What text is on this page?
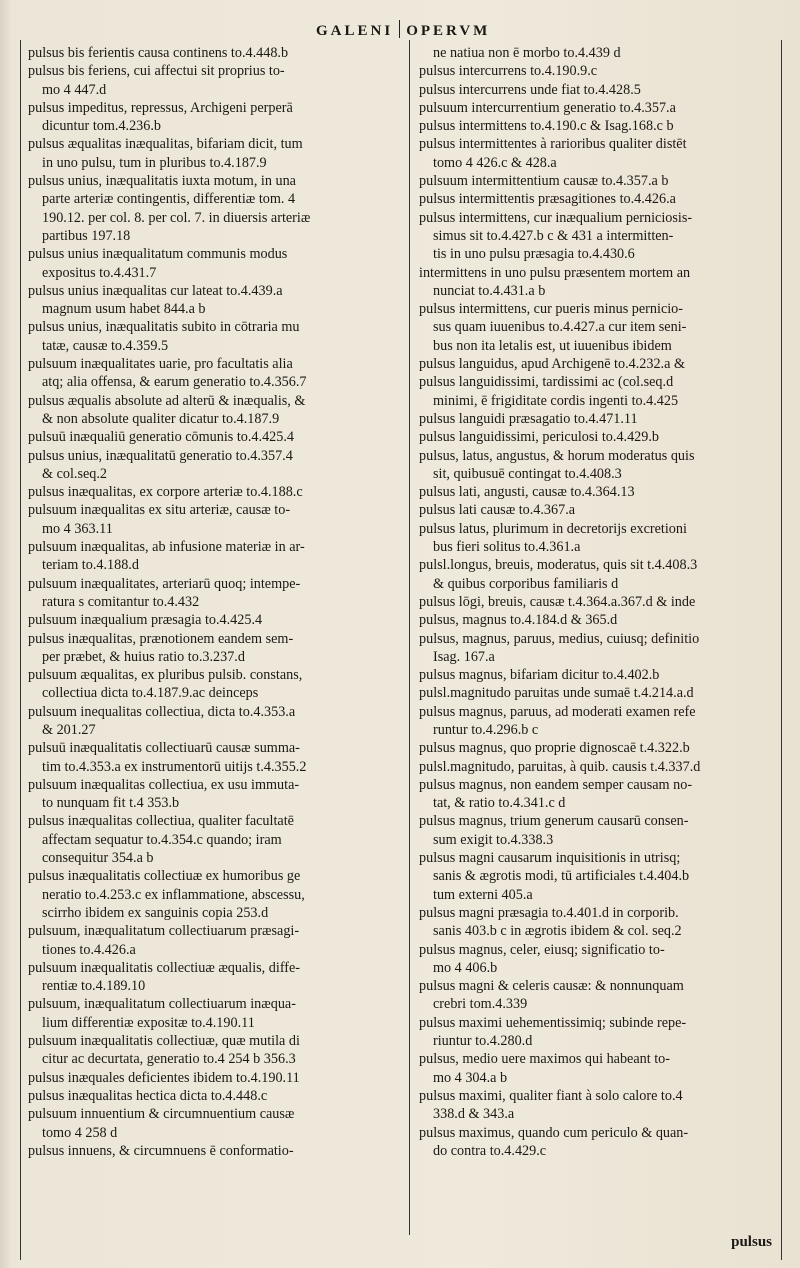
GALENI OPERVM

pulsus bis ferientis causa continens to.4.448.b

pulsus bis feriens, cui affectui sit proprius to-

mo 4 447.d

pulsus impeditus, repressus, Archigeni perperā

dicuntur tom.4.236.b

pulsus æqualitas inæqualitas, bifariam dicit, tum

in uno pulsu, tum in pluribus to.4.187.9

pulsus unius, inæqualitatis iuxta motum, in una

parte arteriæ contingentis, differentiæ tom. 4

190.12. per col. 8. per col. 7. in diuersis arteriæ

partibus 197.18

pulsus unius inæqualitatum communis modus

expositus to.4.431.7

pulsus unius inæqualitas cur lateat to.4.439.a

magnum usum habet 844.a b

pulsus unius, inæqualitatis subito in cōtraria mu

tatæ, causæ to.4.359.5

pulsuum inæqualitates uarie, pro facultatis alia

atq; alia offensa, & earum generatio to.4.356.7

pulsus æqualis absolute ad alterū & inæqualis, &

& non absolute qualiter dicatur to.4.187.9

pulsuū inæqualiū generatio cōmunis to.4.425.4

pulsus unius, inæqualitatū generatio to.4.357.4

& col.seq.2

pulsus inæqualitas, ex corpore arteriæ to.4.188.c

pulsuum inæqualitas ex situ arteriæ, causæ to-

mo 4 363.11

pulsuum inæqualitas, ab infusione materiæ in ar-

teriam to.4.188.d

pulsuum inæqualitates, arteriarū quoq; intempe-

ratura s comitantur to.4.432

pulsuum inæqualium præsagia to.4.425.4

pulsus inæqualitas, prænotionem eandem sem-

per præbet, & huius ratio to.3.237.d

pulsuum æqualitas, ex pluribus pulsib. constans,

collectiua dicta to.4.187.9.ac deinceps

pulsuum inequalitas collectiua, dicta to.4.353.a

& 201.27

pulsuū inæqualitatis collectiuarū causæ summa-

tim to.4.353.a ex instrumentorū uitijs t.4.355.2

pulsuum inæqualitas collectiua, ex usu immuta-

to nunquam fit t.4 353.b

pulsus inæqualitas collectiua, qualiter facultatē

affectam sequatur to.4.354.c quando; iram

consequitur 354.a b

pulsus inæqualitatis collectiuæ ex humoribus ge

neratio to.4.253.c ex inflammatione, abscessu,

scirrho ibidem ex sanguinis copia 253.d

pulsuum, inæqualitatum collectiuarum præsagi-

tiones to.4.426.a

pulsuum inæqualitatis collectiuæ æqualis, diffe-

rentiæ to.4.189.10

pulsuum, inæqualitatum collectiuarum inæqua-

lium differentiæ expositæ to.4.190.11

pulsuum inæqualitatis collectiuæ, quæ mutila di

citur ac decurtata, generatio to.4 254 b 356.3

pulsus inæquales deficientes ibidem to.4.190.11

pulsus inæqualitas hectica dicta to.4.448.c

pulsuum innuentium & circumnuentium causæ

tomo 4 258 d

pulsus innuens, & circumnuens ē conformatio-

ne natiua non ē morbo to.4.439 d

pulsus intercurrens to.4.190.9.c

pulsus intercurrens unde fiat to.4.428.5

pulsuum intercurrentium generatio to.4.357.a

pulsus intermittens to.4.190.c & Isag.168.c b

pulsus intermittentes à rarioribus qualiter distēt

tomo 4 426.c & 428.a

pulsuum intermittentium causæ to.4.357.a b

pulsus intermittentis præsagitiones to.4.426.a

pulsus intermittens, cur inæqualium perniciosis-

simus sit to.4.427.b c & 431 a intermitten-

tis in uno pulsu præsagia to.4.430.6

intermittens in uno pulsu præsentem mortem an

nunciat to.4.431.a b

pulsus intermittens, cur pueris minus pernicio-

sus quam iuuenibus to.4.427.a cur item seni-

bus non ita letalis est, ut iuuenibus ibidem

pulsus languidus, apud Archigenē to.4.232.a &

pulsus languidissimi, tardissimi ac (col.seq.d

minimi, ē frigiditate cordis ingenti to.4.425

pulsus languidi præsagatio to.4.471.11

pulsus languidissimi, periculosi to.4.429.b

pulsus, latus, angustus, & horum moderatus quis

sit, quibusuē contingat to.4.408.3

pulsus lati, angusti, causæ to.4.364.13

pulsus lati causæ to.4.367.a

pulsus latus, plurimum in decretorijs excretioni

bus fieri solitus to.4.361.a

pulsl.longus, breuis, moderatus, quis sit t.4.408.3

& quibus corporibus familiaris d

pulsus lōgi, breuis, causæ t.4.364.a.367.d & inde

pulsus, magnus to.4.184.d & 365.d

pulsus, magnus, paruus, medius, cuiusq; definitio

Isag. 167.a

pulsus magnus, bifariam dicitur to.4.402.b

pulsl.magnitudo paruitas unde sumaē t.4.214.a.d

pulsus magnus, paruus, ad moderati examen refe

runtur to.4.296.b c

pulsus magnus, quo proprie dignoscaē t.4.322.b

pulsl.magnitudo, paruitas, à quib. causis t.4.337.d

pulsus magnus, non eandem semper causam no-

tat, & ratio to.4.341.c d

pulsus magnus, trium generum causarū consen-

sum exigit to.4.338.3

pulsus magni causarum inquisitionis in utrisq;

sanis & ægrotis modi, tū artificiales t.4.404.b

tum externi 405.a

pulsus magni præsagia to.4.401.d in corporib.

sanis 403.b c in ægrotis ibidem & col. seq.2

pulsus magnus, celer, eiusq; significatio to-

mo 4 406.b

pulsus magni & celeris causæ: & nonnunquam

crebri tom.4.339

pulsus maximi uehementissimiq; subinde repe-

riuntur to.4.280.d

pulsus, medio uere maximos qui habeant to-

mo 4 304.a b

pulsus maximi, qualiter fiant à solo calore to.4

338.d & 343.a

pulsus maximus, quando cum periculo & quan-

do contra to.4.429.c

pulsus
